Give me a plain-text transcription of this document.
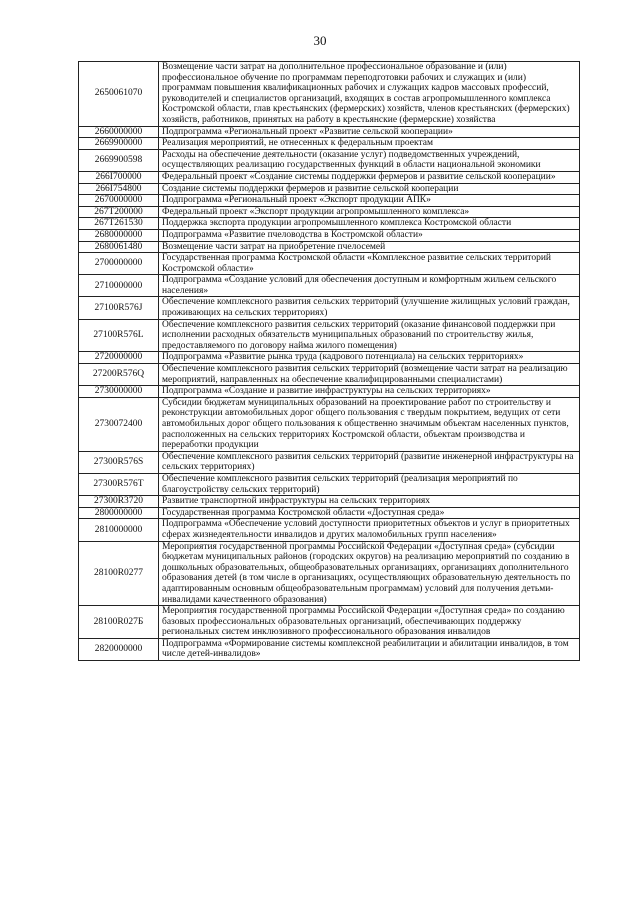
30
2650061070	Возмещение части затрат на дополнительное профессиональное образование и (или) профессиональное обучение по программам переподготовки рабочих и служащих и (или) программам повышения квалификационных рабочих и служащих кадров массовых профессий, руководителей и специалистов организаций, входящих в состав агропромышленного комплекса Костромской области, глав крестьянских (фермерских) хозяйств, членов крестьянских (фермерских) хозяйств, работников, принятых на работу в крестьянские (фермерские) хозяйства
2660000000	Подпрограмма «Региональный проект «Развитие сельской кооперации»
2669900000	Реализация мероприятий, не отнесенных к федеральным проектам
2669900598	Расходы на обеспечение деятельности (оказание услуг) подведомственных учреждений, осуществляющих реализацию государственных функций в области национальной экономики
266I700000	Федеральный проект «Создание системы поддержки фермеров и развитие сельской кооперации»
266I754800	Создание системы поддержки фермеров и развитие сельской кооперации
2670000000	Подпрограмма «Региональный проект «Экспорт продукции АПК»
267T200000	Федеральный проект «Экспорт продукции агропромышленного комплекса»
267T261530	Поддержка экспорта продукции агропромышленного комплекса Костромской области
2680000000	Подпрограмма «Развитие пчеловодства в Костромской области»
2680061480	Возмещение части затрат на приобретение пчелосемей
2700000000	Государственная программа Костромской области «Комплексное развитие сельских территорий Костромской области»
2710000000	Подпрограмма «Создание условий для обеспечения доступным и комфортным жильем сельского населения»
27100R576J	Обеспечение комплексного развития сельских территорий (улучшение жилищных условий граждан, проживающих на сельских территориях)
27100R576L	Обеспечение комплексного развития сельских территорий (оказание финансовой поддержки при исполнении расходных обязательств муниципальных образований по строительству жилья, предоставляемого по договору найма жилого помещения)
2720000000	Подпрограмма «Развитие рынка труда (кадрового потенциала) на сельских территориях»
27200R576Q	Обеспечение комплексного развития сельских территорий (возмещение части затрат на реализацию мероприятий, направленных на обеспечение квалифицированными специалистами)
2730000000	Подпрограмма «Создание и развитие инфраструктуры на сельских территориях»
2730072400	Субсидии бюджетам муниципальных образований на проектирование работ по строительству и реконструкции автомобильных дорог общего пользования с твердым покрытием, ведущих от сети автомобильных дорог общего пользования к общественно значимым объектам населенных пунктов, расположенных на сельских территориях Костромской области, объектам производства и переработки продукции
27300R576S	Обеспечение комплексного развития сельских территорий (развитие инженерной инфраструктуры на сельских территориях)
27300R576T	Обеспечение комплексного развития сельских территорий (реализация мероприятий по благоустройству сельских территорий)
27300R3720	Развитие транспортной инфраструктуры на сельских территориях
2800000000	Государственная программа Костромской области «Доступная среда»
2810000000	Подпрограмма «Обеспечение условий доступности приоритетных объектов и услуг в приоритетных сферах жизнедеятельности инвалидов и других маломобильных групп населения»
28100R0277	Мероприятия государственной программы Российской Федерации «Доступная среда» (субсидии бюджетам муниципальных районов (городских округов) на реализацию мероприятий по созданию в дошкольных образовательных, общеобразовательных организациях, организациях дополнительного образования детей (в том числе в организациях, осуществляющих образовательную деятельность по адаптированным основным общеобразовательным программам) условий для получения детьми-инвалидами качественного образования)
28100R027Б	Мероприятия государственной программы Российской Федерации «Доступная среда» по созданию базовых профессиональных образовательных организаций, обеспечивающих поддержку региональных систем инклюзивного профессионального образования инвалидов
2820000000	Подпрограмма «Формирование системы комплексной реабилитации и абилитации инвалидов, в том числе детей-инвалидов»
